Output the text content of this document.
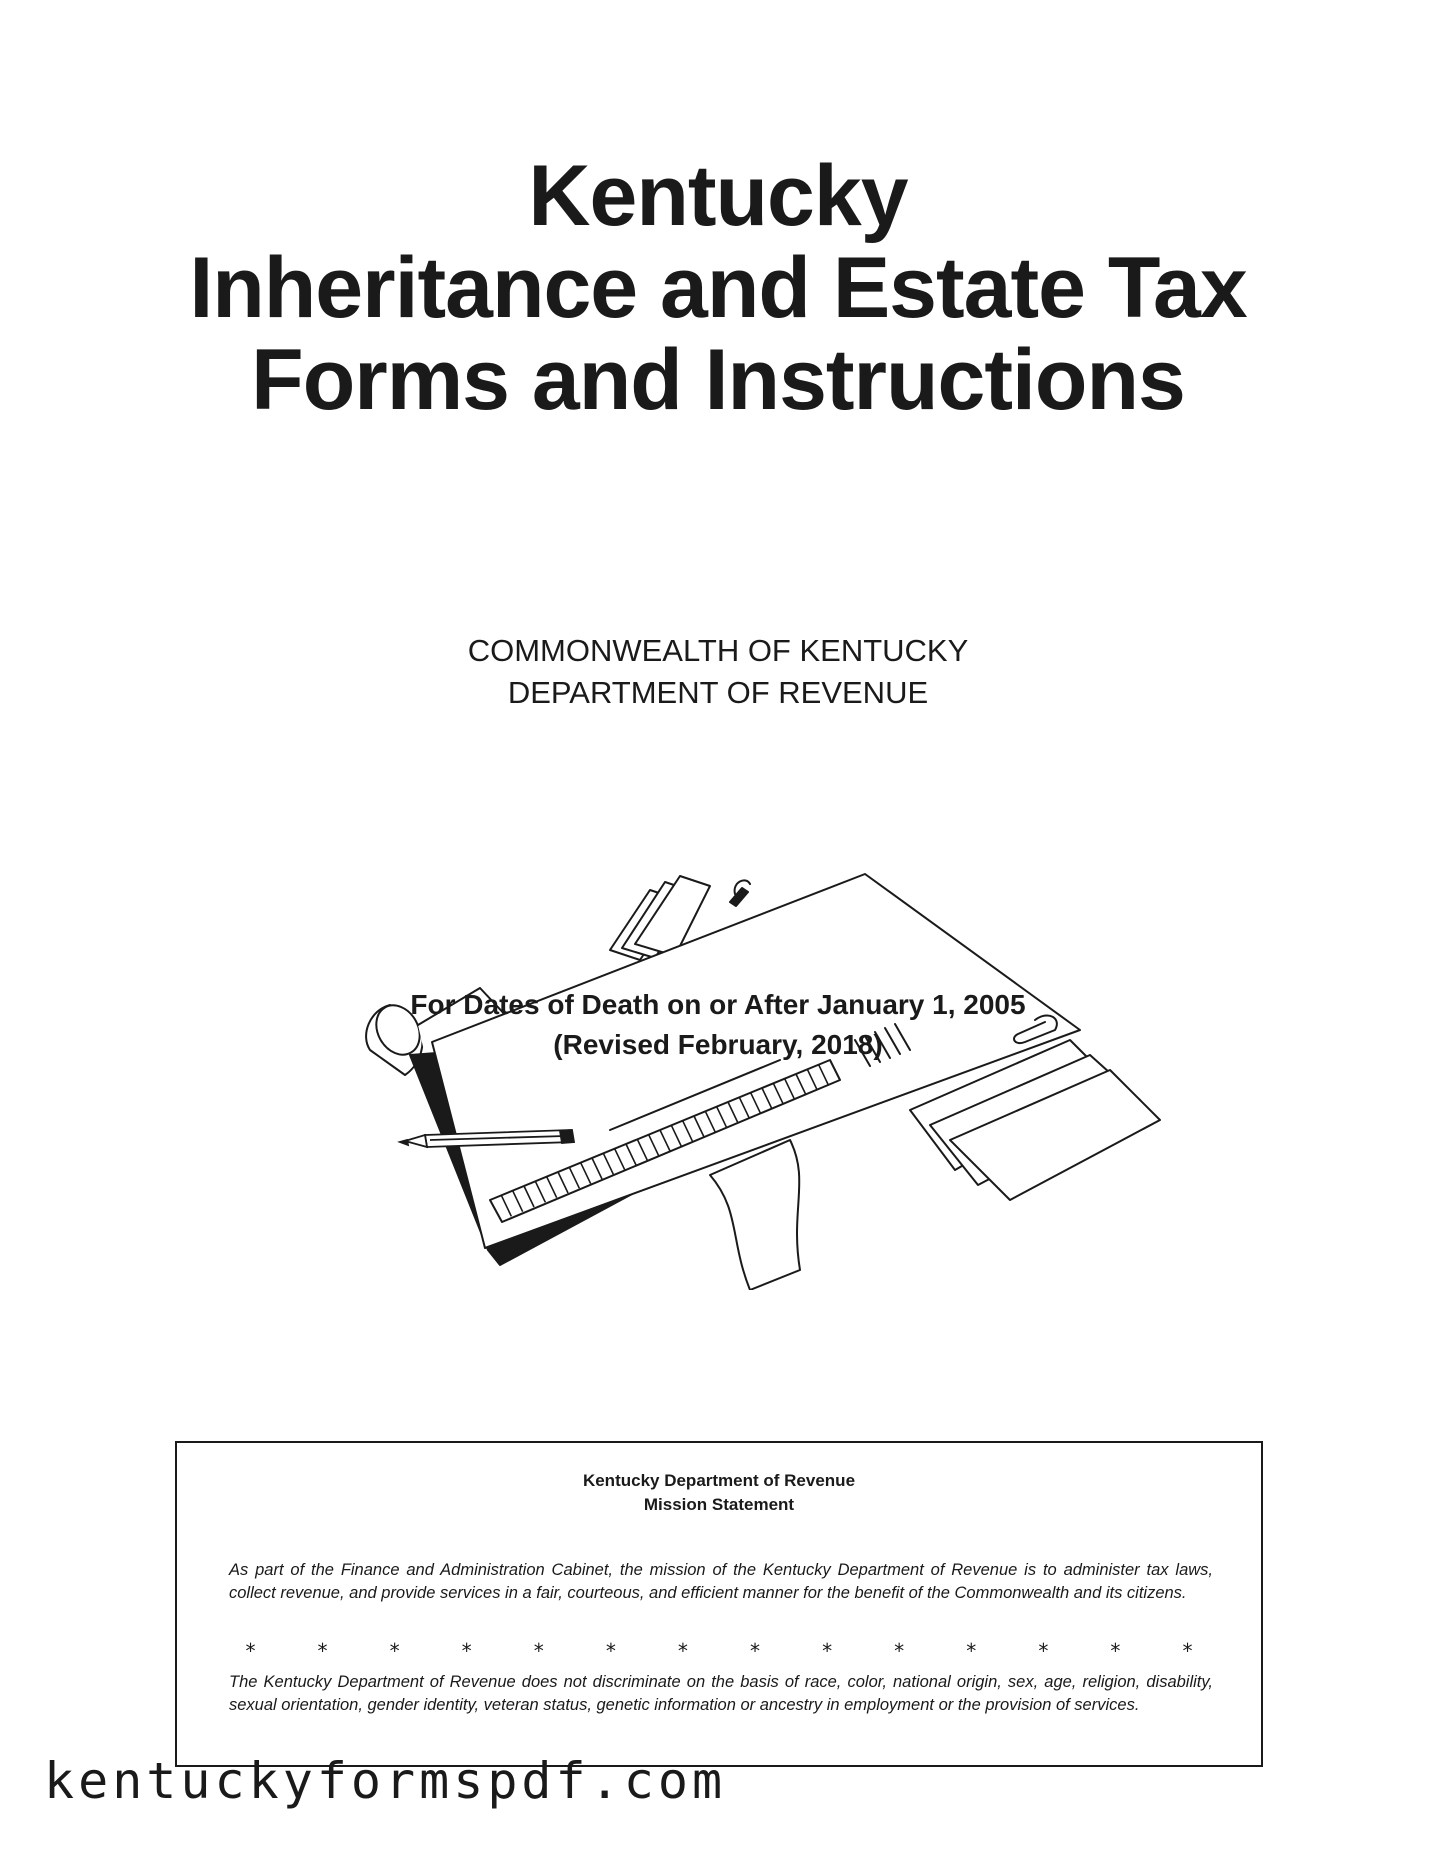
Kentucky
Inheritance and Estate Tax
Forms and Instructions
COMMONWEALTH OF KENTUCKY
DEPARTMENT OF REVENUE
For Dates of Death on or After January 1, 2005
(Revised February, 2018)
Kentucky Department of Revenue
Mission Statement

As part of the Finance and Administration Cabinet, the mission of the Kentucky Department of Revenue is to administer tax laws, collect revenue, and provide services in a fair, courteous, and efficient manner for the benefit of the Commonwealth and its citizens.

* * * * * * * * * * * * * *

The Kentucky Department of Revenue does not discriminate on the basis of race, color, national origin, sex, age, religion, disability, sexual orientation, gender identity, veteran status, genetic information or ancestry in employment or the provision of services.

kentuckyformspdf.com
